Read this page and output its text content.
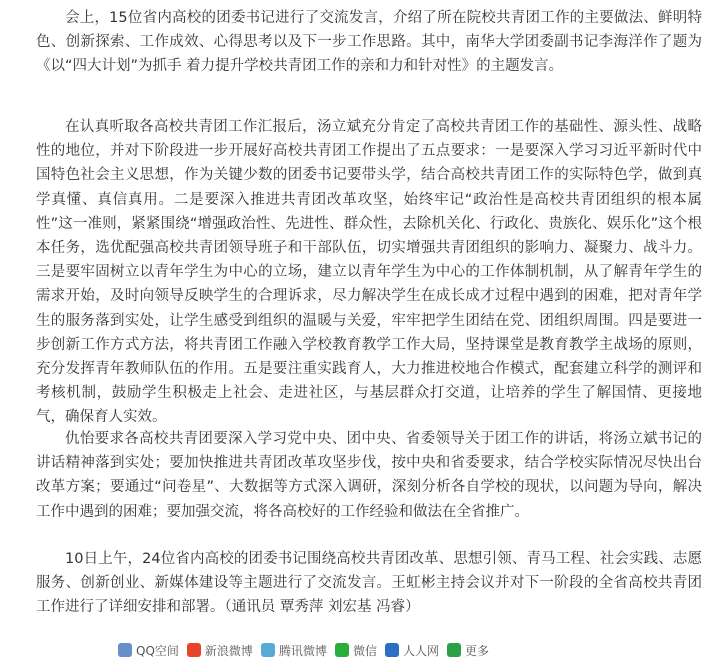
会上，15位省内高校的团委书记进行了交流发言，介绍了所在院校共青团工作的主要做法、鲜明特色、创新探索、工作成效、心得思考以及下一步工作思路。其中，南华大学团委副书记李海洋作了题为《以“四大计划”为抓手 着力提升学校共青团工作的亲和力和针对性》的主题发言。

在认真听取各高校共青团工作汇报后，汤立斌充分肯定了高校共青团工作的基础性、源头性、战略性的地位，并对下阶段进一步开展好高校共青团工作提出了五点要求：一是要深入学习习近平新时代中国特色社会主义思想，作为关键少数的团委书记要带头学，结合高校共青团工作的实际特色学，做到真学真懂、真信真用。二是要深入推进共青团改革攻坚，始终牢记“政治性是高校共青团组织的根本属性”这一准则，紧紧围绕“增强政治性、先进性、群众性，去除机关化、行政化、贵族化、娱乐化”这个根本任务，选优配强高校共青团领导班子和干部队伍，切实增强共青团组织的影响力、凝聚力、战斗力。三是要牢固树立以青年学生为中心的立场，建立以青年学生为中心的工作体制机制，从了解青年学生的需求开始，及时向领导反映学生的合理诉求，尽力解决学生在成长成才过程中遇到的困难，把对青年学生的服务落到实处，让学生感受到组织的温暖与关爱，牢牢把学生团结在党、团组织周围。四是要进一步创新工作方式方法，将共青团工作融入学校教育教学工作大局，坚持课堂是教育教学主战场的原则，充分发挥青年教师队伍的作用。五是要注重实践育人，大力推进校地合作模式，配套建立科学的测评和考核机制，鼓励学生积极走上社会、走进社区，与基层群众打交道，让培养的学生了解国情、更接地气，确保育人实效。

仇怡要求各高校共青团要深入学习党中央、团中央、省委领导关于团工作的讲话，将汤立斌书记的讲话精神落到实处；要加快推进共青团改革攻坚步伐，按中央和省委要求，结合学校实际情况尽快出台改革方案；要通过“问卷星”、大数据等方式深入调研，深刻分析各自学校的现状，以问题为导向，解决工作中遇到的困难；要加强交流，将各高校好的工作经验和做法在全省推广。

10日上午，24位省内高校的团委书记围绕高校共青团改革、思想引领、青马工程、社会实践、志愿服务、创新创业、新媒体建设等主题进行了交流发言。王虹彬主持会议并对下一阶段的全省高校共青团工作进行了详细安排和部署。（通讯员 覃秀萍 刘宏基 冯睿）

QQ空间 新浪微博 腾讯微博 微信 人人网 更多
